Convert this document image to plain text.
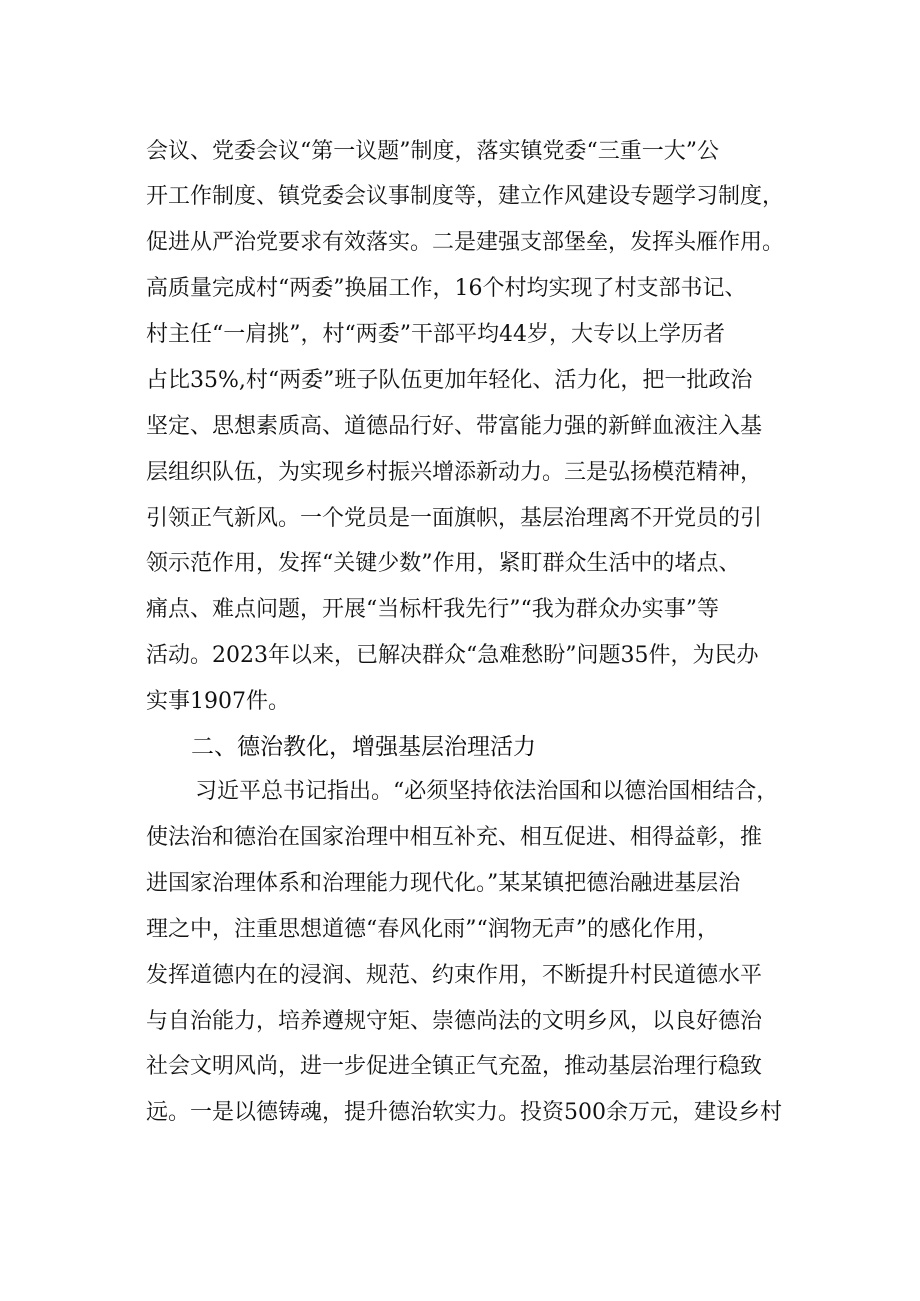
会议、党委会议“第一议题”制度，落实镇党委“三重一大”公
开工作制度、镇党委会议事制度等，建立作风建设专题学习制度，
促进从严治党要求有效落实。二是建强支部堡垒，发挥头雁作用。
高质量完成村“两委”换届工作，16个村均实现了村支部书记、
村主任“一肩挑”，村“两委”干部平均44岁，大专以上学历者
占比35%,村“两委”班子队伍更加年轻化、活力化，把一批政治
坚定、思想素质高、道德品行好、带富能力强的新鲜血液注入基
层组织队伍，为实现乡村振兴增添新动力。三是弘扬模范精神，
引领正气新风。一个党员是一面旗帜，基层治理离不开党员的引
领示范作用，发挥“关键少数”作用，紧盯群众生活中的堵点、
痛点、难点问题，开展“当标杆我先行”“我为群众办实事”等
活动。2023年以来，已解决群众“急难愁盼”问题35件，为民办
实事1907件。
二、德治教化，增强基层治理活力
习近平总书记指出。“必须坚持依法治国和以德治国相结合，
使法治和德治在国家治理中相互补充、相互促进、相得益彰，推
进国家治理体系和治理能力现代化。”某某镇把德治融进基层治
理之中，注重思想道德“春风化雨”“润物无声”的感化作用，
发挥道德内在的浸润、规范、约束作用，不断提升村民道德水平
与自治能力，培养遵规守矩、崇德尚法的文明乡风，以良好德治
社会文明风尚，进一步促进全镇正气充盈，推动基层治理行稳致
远。一是以德铸魂，提升德治软实力。投资500余万元，建设乡村
